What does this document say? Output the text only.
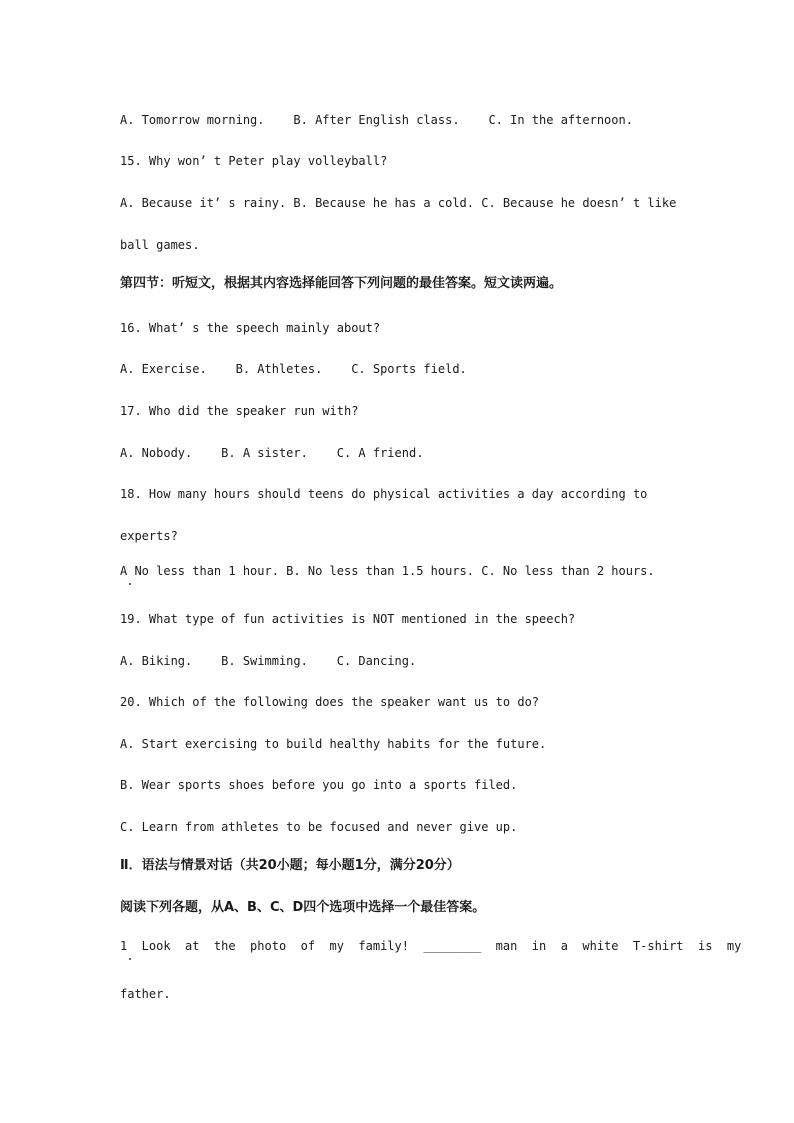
A. Tomorrow morning.    B. After English class.    C. In the afternoon.

15. Why won’ t Peter play volleyball?

A. Because it’ s rainy. B. Because he has a cold. C. Because he doesn’ t like

ball games.

第四节：听短文，根据其内容选择能回答下列问题的最佳答案。短文读两遍。

16. What’ s the speech mainly about?

A. Exercise.    B. Athletes.    C. Sports field.

17. Who did the speaker run with?

A. Nobody.    B. A sister.    C. A friend.

18. How many hours should teens do physical activities a day according to

experts?

A No less than 1 hour. B. No less than 1.5 hours. C. No less than 2 hours.

19. What type of fun activities is NOT mentioned in the speech?

A. Biking.    B. Swimming.    C. Dancing.

20. Which of the following does the speaker want us to do?

A. Start exercising to build healthy habits for the future.

B. Wear sports shoes before you go into a sports filed.

C. Learn from athletes to be focused and never give up.

Ⅱ．语法与情景对话（共20小题；每小题1分，满分20分）

阅读下列各题，从A、B、C、D四个选项中选择一个最佳答案。

1  Look  at  the  photo  of  my  family!  ________  man  in  a  white  T-shirt  is  my

father.
